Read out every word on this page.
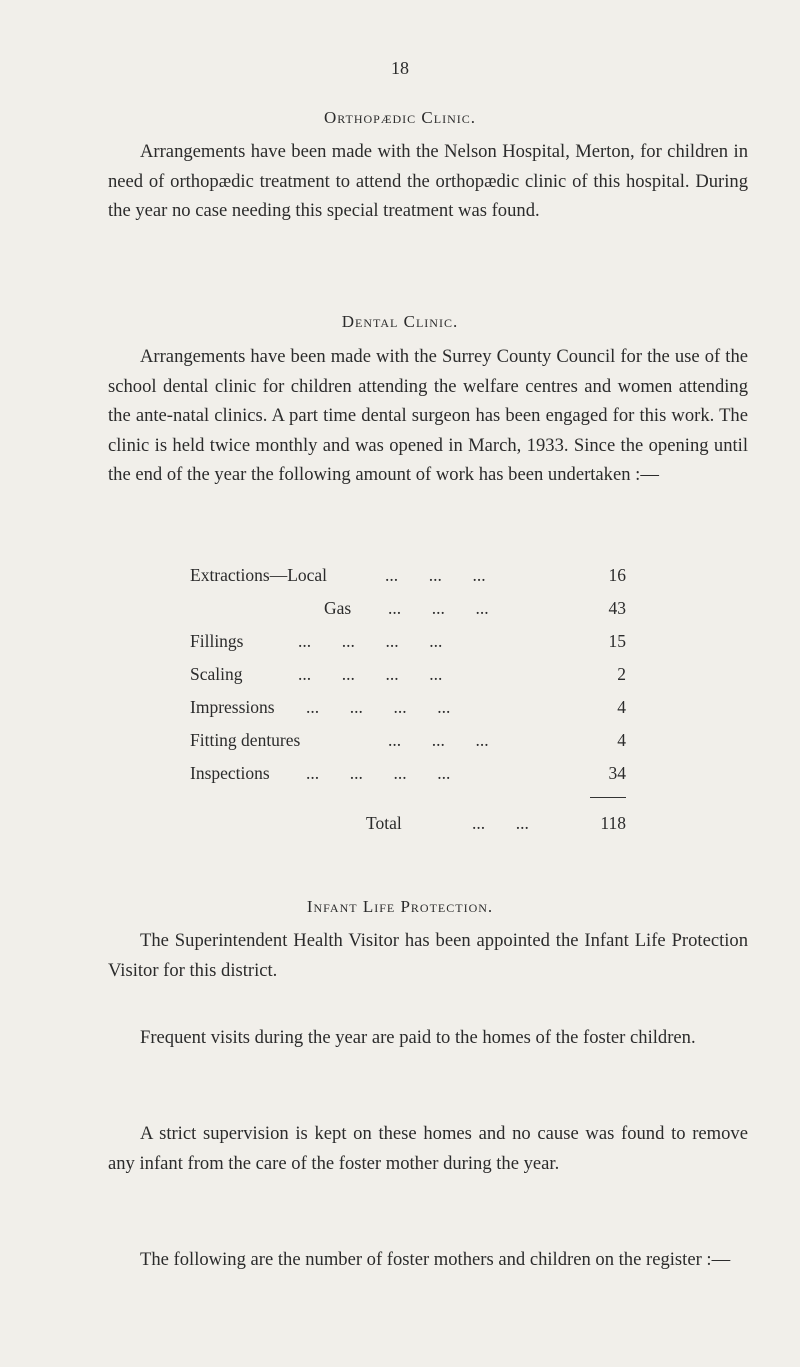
18
Orthopædic Clinic.

Arrangements have been made with the Nelson Hospital, Merton, for children in need of orthopædic treatment to attend the orthopædic clinic of this hospital. During the year no case needing this special treatment was found.

Dental Clinic.

Arrangements have been made with the Surrey County Council for the use of the school dental clinic for children attending the welfare centres and women attending the ante-natal clinics. A part time dental surgeon has been engaged for this work. The clinic is held twice monthly and was opened in March, 1933. Since the opening until the end of the year the following amount of work has been undertaken :—

Extractions—Local	...       ...       ...	16
Gas ...       ...       ...	43
Fillings	...       ...       ...       ...	15
Scaling	...       ...       ...       ...	2
Impressions ...       ...       ...       ...	4
Fitting dentures	...       ...       ...	4
Inspections ...       ...       ...       ...	34
Total	...       ...	118
Infant Life Protection.

The Superintendent Health Visitor has been appointed the Infant Life Protection Visitor for this district.

Frequent visits during the year are paid to the homes of the foster children.

A strict supervision is kept on these homes and no cause was found to remove any infant from the care of the foster mother during the year.

The following are the number of foster mothers and children on the register :—
